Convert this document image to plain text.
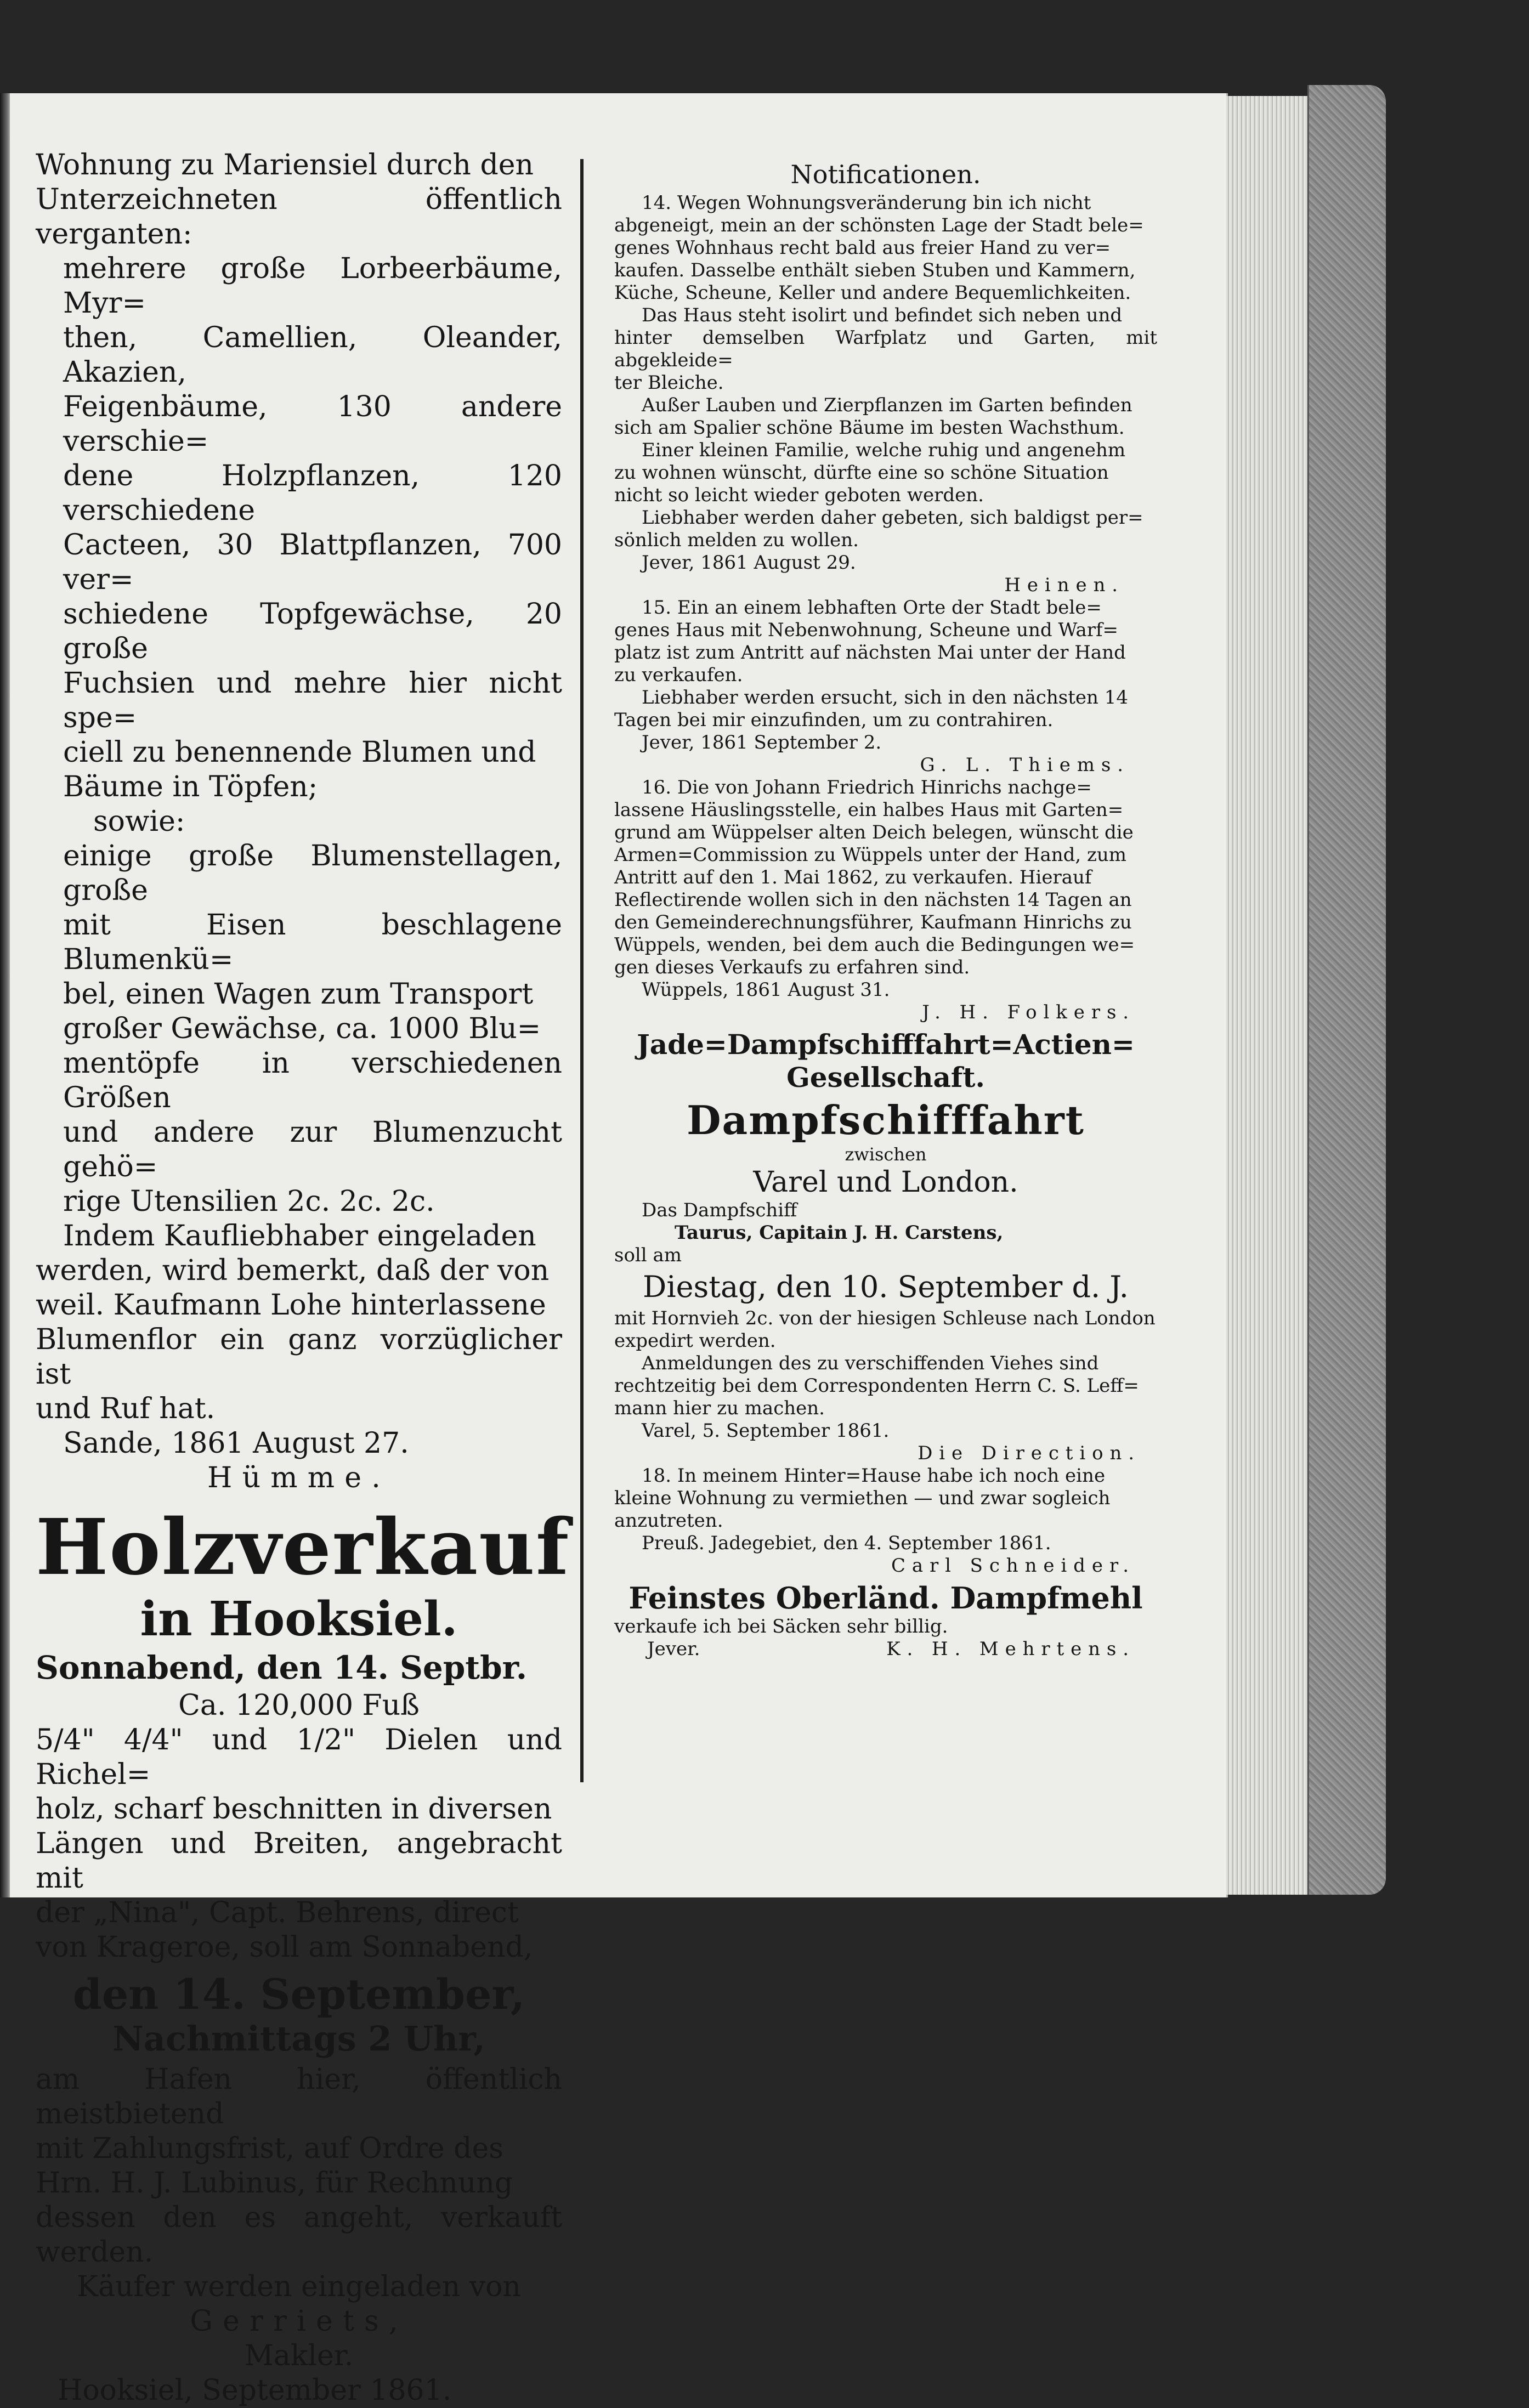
Wohnung zu Mariensiel durch den

Unterzeichneten öffentlich verganten:

mehrere große Lorbeerbäume, Myr=

then, Camellien, Oleander, Akazien,

Feigenbäume, 130 andere verschie=

dene Holzpflanzen, 120 verschiedene

Cacteen, 30 Blattpflanzen, 700 ver=

schiedene Topfgewächse, 20 große

Fuchsien und mehre hier nicht spe=

ciell zu benennende Blumen und

Bäume in Töpfen;

sowie:

einige große Blumenstellagen, große

mit Eisen beschlagene Blumenkü=

bel, einen Wagen zum Transport

großer Gewächse, ca. 1000 Blu=

mentöpfe in verschiedenen Größen

und andere zur Blumenzucht gehö=

rige Utensilien 2c. 2c. 2c.

Indem Kaufliebhaber eingeladen

werden, wird bemerkt, daß der von

weil. Kaufmann Lohe hinterlassene

Blumenflor ein ganz vorzüglicher ist

und Ruf hat.

Sande, 1861 August 27.

Hümme.

Holzverkauf

in Hooksiel.

Sonnabend, den 14. Septbr.

Ca. 120,000 Fuß

5/4" 4/4" und 1/2" Dielen und Richel=

holz, scharf beschnitten in diversen

Längen und Breiten, angebracht mit

der „Nina", Capt. Behrens, direct

von Krageroe, soll am Sonnabend,

den 14. September,

Nachmittags 2 Uhr,

am Hafen hier, öffentlich meistbietend

mit Zahlungsfrist, auf Ordre des

Hrn. H. J. Lubinus, für Rechnung

dessen den es angeht, verkauft werden.

Käufer werden eingeladen von

Gerriets,

Makler.

Hooksiel, September 1861.

Notificationen.

14. Wegen Wohnungsveränderung bin ich nicht

abgeneigt, mein an der schönsten Lage der Stadt bele=

genes Wohnhaus recht bald aus freier Hand zu ver=

kaufen. Dasselbe enthält sieben Stuben und Kammern,

Küche, Scheune, Keller und andere Bequemlichkeiten.

Das Haus steht isolirt und befindet sich neben und

hinter demselben Warfplatz und Garten, mit abgekleide=

ter Bleiche.

Außer Lauben und Zierpflanzen im Garten befinden

sich am Spalier schöne Bäume im besten Wachsthum.

Einer kleinen Familie, welche ruhig und angenehm

zu wohnen wünscht, dürfte eine so schöne Situation

nicht so leicht wieder geboten werden.

Liebhaber werden daher gebeten, sich baldigst per=

sönlich melden zu wollen.

Jever, 1861 August 29.

Heinen.

15. Ein an einem lebhaften Orte der Stadt bele=

genes Haus mit Nebenwohnung, Scheune und Warf=

platz ist zum Antritt auf nächsten Mai unter der Hand

zu verkaufen.

Liebhaber werden ersucht, sich in den nächsten 14

Tagen bei mir einzufinden, um zu contrahiren.

Jever, 1861 September 2.

G. L. Thiems.

16. Die von Johann Friedrich Hinrichs nachge=

lassene Häuslingsstelle, ein halbes Haus mit Garten=

grund am Wüppelser alten Deich belegen, wünscht die

Armen=Commission zu Wüppels unter der Hand, zum

Antritt auf den 1. Mai 1862, zu verkaufen. Hierauf

Reflectirende wollen sich in den nächsten 14 Tagen an

den Gemeinderechnungsführer, Kaufmann Hinrichs zu

Wüppels, wenden, bei dem auch die Bedingungen we=

gen dieses Verkaufs zu erfahren sind.

Wüppels, 1861 August 31.

J. H. Folkers.

Jade=Dampfschifffahrt=Actien=

Gesellschaft.

Dampfschifffahrt

zwischen

Varel und London.

Das Dampfschiff

Taurus, Capitain J. H. Carstens,

soll am

Diestag, den 10. September d. J.

mit Hornvieh 2c. von der hiesigen Schleuse nach London

expedirt werden.

Anmeldungen des zu verschiffenden Viehes sind

rechtzeitig bei dem Correspondenten Herrn C. S. Leff=

mann hier zu machen.

Varel, 5. September 1861.

Die Direction.

18. In meinem Hinter=Hause habe ich noch eine

kleine Wohnung zu vermiethen — und zwar sogleich

anzutreten.

Preuß. Jadegebiet, den 4. September 1861.

Carl Schneider.

Feinstes Oberländ. Dampfmehl

verkaufe ich bei Säcken sehr billig.

Jever.	K. H. Mehrtens.
